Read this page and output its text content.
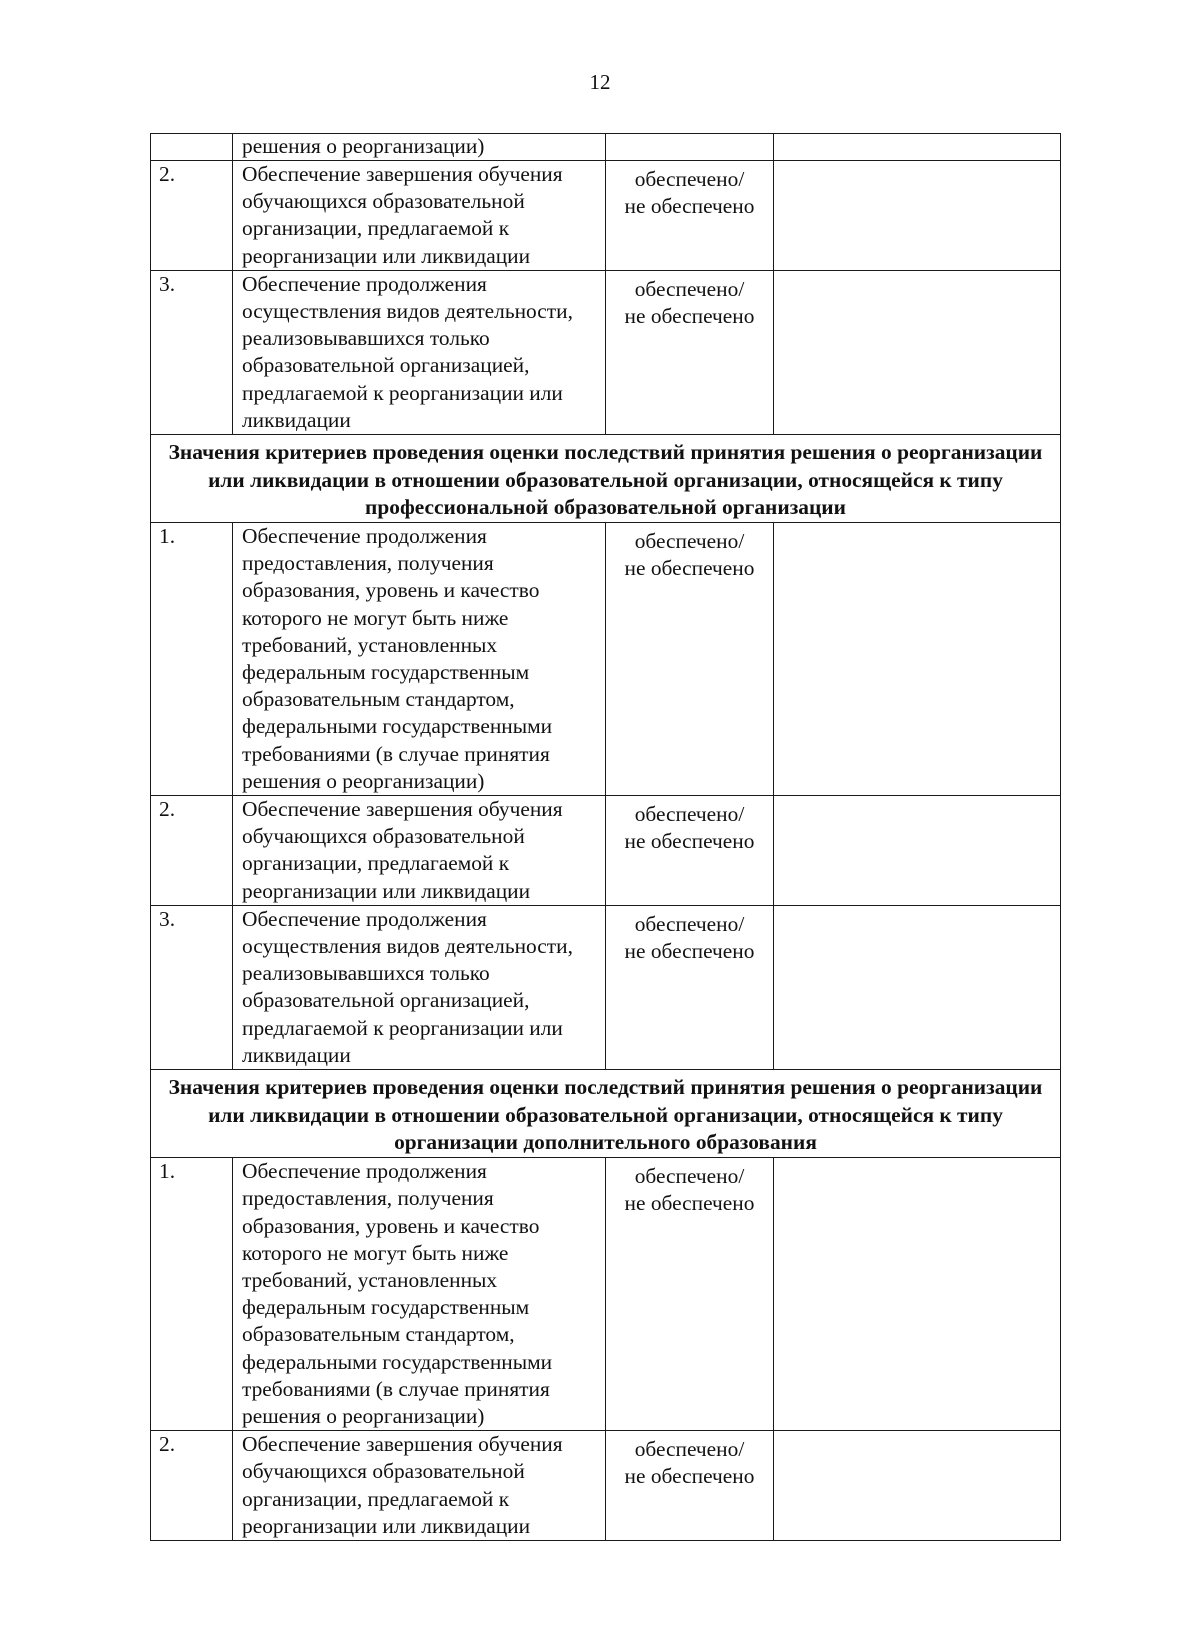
12
	решения о реорганизации)		
2.	Обеспечение завершения обучения обучающихся образовательной организации, предлагаемой к реорганизации или ликвидации	обеспечено/
не обеспечено	

3.	Обеспечение продолжения осуществления видов деятельности, реализовывавшихся только образовательной организацией, предлагаемой к реорганизации или ликвидации	обеспечено/
не обеспечено	

Значения критериев проведения оценки последствий принятия решения о реорганизации или ликвидации в отношении образовательной организации, относящейся к типу профессиональной образовательной организации			
1.	Обеспечение продолжения предоставления, получения образования, уровень и качество которого не могут быть ниже требований, установленных федеральным государственным образовательным стандартом, федеральными государственными требованиями (в случае принятия решения о реорганизации)	обеспечено/
не обеспечено	

2.	Обеспечение завершения обучения обучающихся образовательной организации, предлагаемой к реорганизации или ликвидации	обеспечено/
не обеспечено	

3.	Обеспечение продолжения осуществления видов деятельности, реализовывавшихся только образовательной организацией, предлагаемой к реорганизации или ликвидации	обеспечено/
не обеспечено	

Значения критериев проведения оценки последствий принятия решения о реорганизации или ликвидации в отношении образовательной организации, относящейся к типу организации дополнительного образования			
1.	Обеспечение продолжения предоставления, получения образования, уровень и качество которого не могут быть ниже требований, установленных федеральным государственным образовательным стандартом, федеральными государственными требованиями (в случае принятия решения о реорганизации)	обеспечено/
не обеспечено	

2.	Обеспечение завершения обучения обучающихся образовательной организации, предлагаемой к реорганизации или ликвидации	обеспечено/
не обеспечено	
